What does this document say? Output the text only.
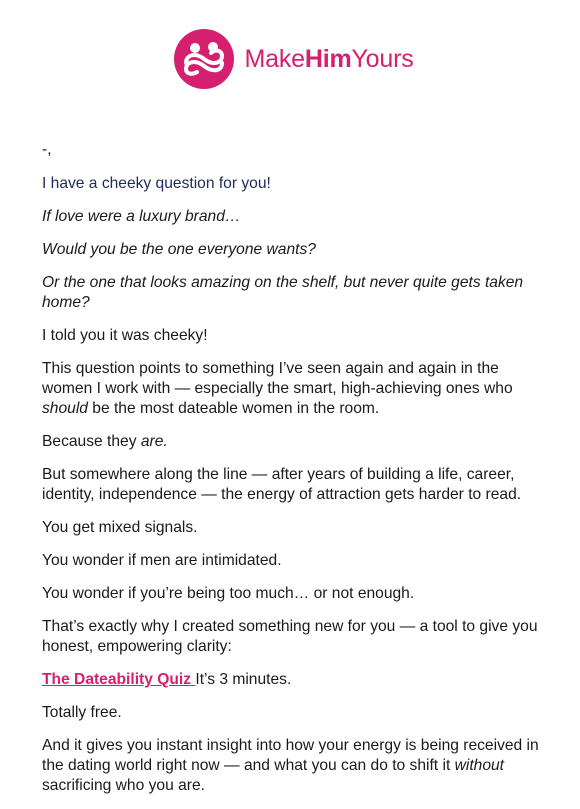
MakeHimYours

-,

I have a cheeky question for you!

If love were a luxury brand…

Would you be the one everyone wants?

Or the one that looks amazing on the shelf, but never quite gets taken home?

I told you it was cheeky!

This question points to something I’ve seen again and again in the women I work with — especially the smart, high-achieving ones who should be the most dateable women in the room.

Because they are.

But somewhere along the line — after years of building a life, career, identity, independence — the energy of attraction gets harder to read.

You get mixed signals.

You wonder if men are intimidated.

You wonder if you’re being too much… or not enough.

That’s exactly why I created something new for you — a tool to give you honest, empowering clarity:

The Dateability Quiz It’s 3 minutes.

Totally free.

And it gives you instant insight into how your energy is being received in the dating world right now — and what you can do to shift it without sacrificing who you are.
